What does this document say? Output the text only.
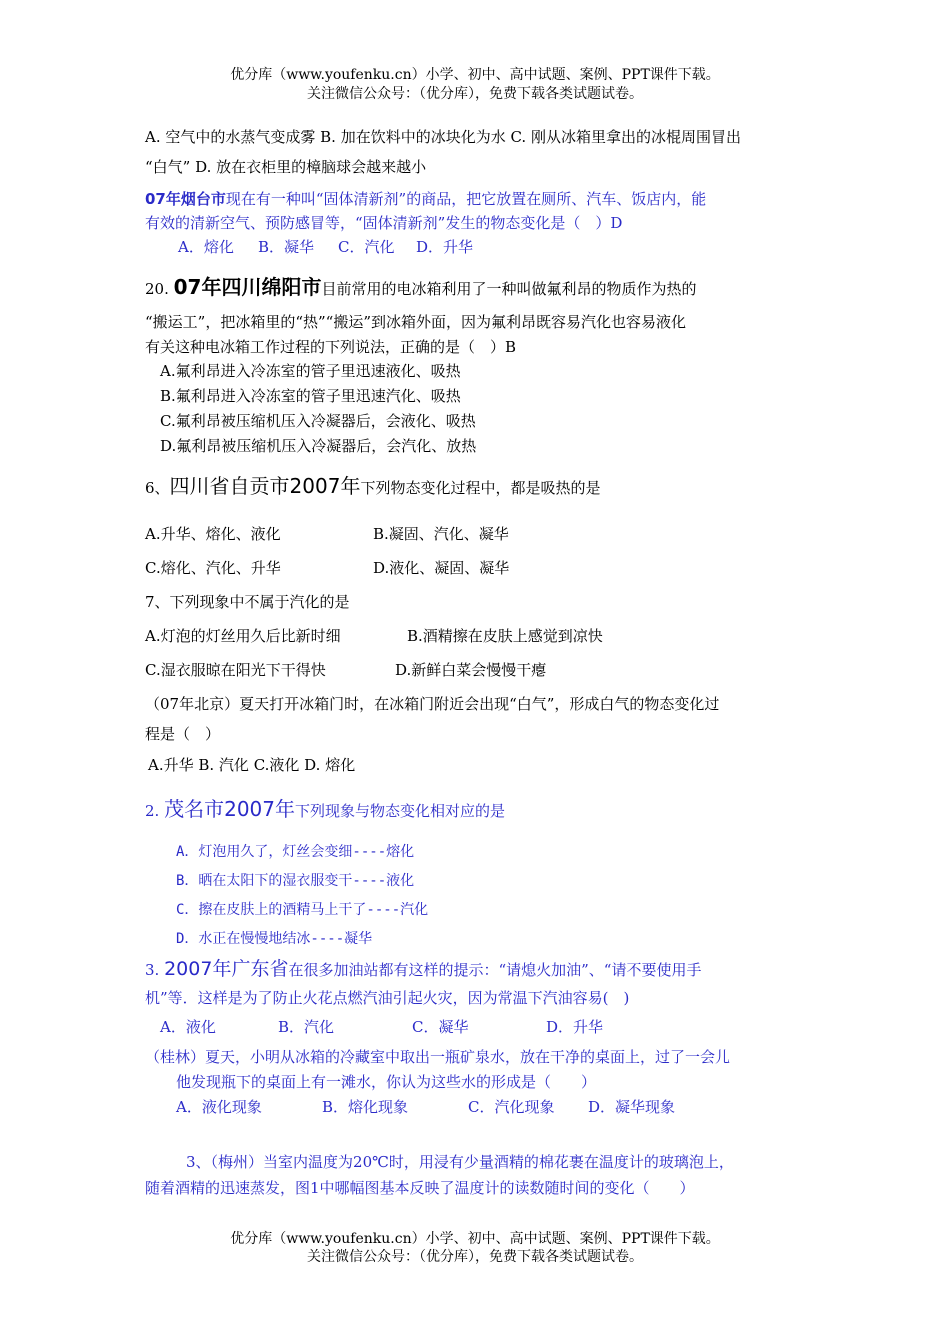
优分库（www.youfenku.cn）小学、初中、高中试题、案例、PPT课件下载。
关注微信公众号：（优分库），免费下载各类试题试卷。
A. 空气中的水蒸气变成雾 B. 加在饮料中的冰块化为水 C. 刚从冰箱里拿出的冰棍周围冒出
“白气” D. 放在衣柜里的樟脑球会越来越小
07年烟台市现在有一种叫“固体清新剂”的商品，把它放置在厕所、汽车、饭店内，能
有效的清新空气、预防感冒等，“固体清新剂”发生的物态变化是（　）D
A．熔化 B．凝华 C．汽化 D．升华
20. 07年四川绵阳市目前常用的电冰箱利用了一种叫做氟利昂的物质作为热的
“搬运工”，把冰箱里的“热”“搬运”到冰箱外面，因为氟利昂既容易汽化也容易液化
有关这种电冰箱工作过程的下列说法，正确的是（　）B
A.氟利昂进入冷冻室的管子里迅速液化、吸热
B.氟利昂进入冷冻室的管子里迅速汽化、吸热
C.氟利昂被压缩机压入冷凝器后，会液化、吸热
D.氟利昂被压缩机压入冷凝器后，会汽化、放热
6、四川省自贡市2007年下列物态变化过程中，都是吸热的是
A.升华、熔化、液化	B.凝固、汽化、凝华
C.熔化、汽化、升华	D.液化、凝固、凝华
7、下列现象中不属于汽化的是
A.灯泡的灯丝用久后比新时细	B.酒精擦在皮肤上感觉到凉快
C.湿衣服晾在阳光下干得快	D.新鲜白菜会慢慢干瘪
（07年北京）夏天打开冰箱门时，在冰箱门附近会出现“白气”，形成白气的物态变化过
程是（　）
A.升华 B. 汽化 C.液化 D. 熔化
2. 茂名市2007年下列现象与物态变化相对应的是
A．灯泡用久了，灯丝会变细----熔化
B．晒在太阳下的湿衣服变干----液化
C．擦在皮肤上的酒精马上干了----汽化
D．水正在慢慢地结冰----凝华
3. 2007年广东省在很多加油站都有这样的提示：“请熄火加油”、“请不要使用手
机”等．这样是为了防止火花点燃汽油引起火灾，因为常温下汽油容易(　)
A．液化	B．汽化	C．凝华	D．升华
（桂林）夏天，小明从冰箱的冷藏室中取出一瓶矿泉水，放在干净的桌面上，过了一会儿
他发现瓶下的桌面上有一滩水，你认为这些水的形成是（　　）
A．液化现象	B．熔化现象	C．汽化现象 D．凝华现象
3、（梅州）当室内温度为20℃时，用浸有少量酒精的棉花裹在温度计的玻璃泡上，
随着酒精的迅速蒸发，图1中哪幅图基本反映了温度计的读数随时间的变化（　　）
优分库（www.youfenku.cn）小学、初中、高中试题、案例、PPT课件下载。
关注微信公众号：（优分库），免费下载各类试题试卷。
